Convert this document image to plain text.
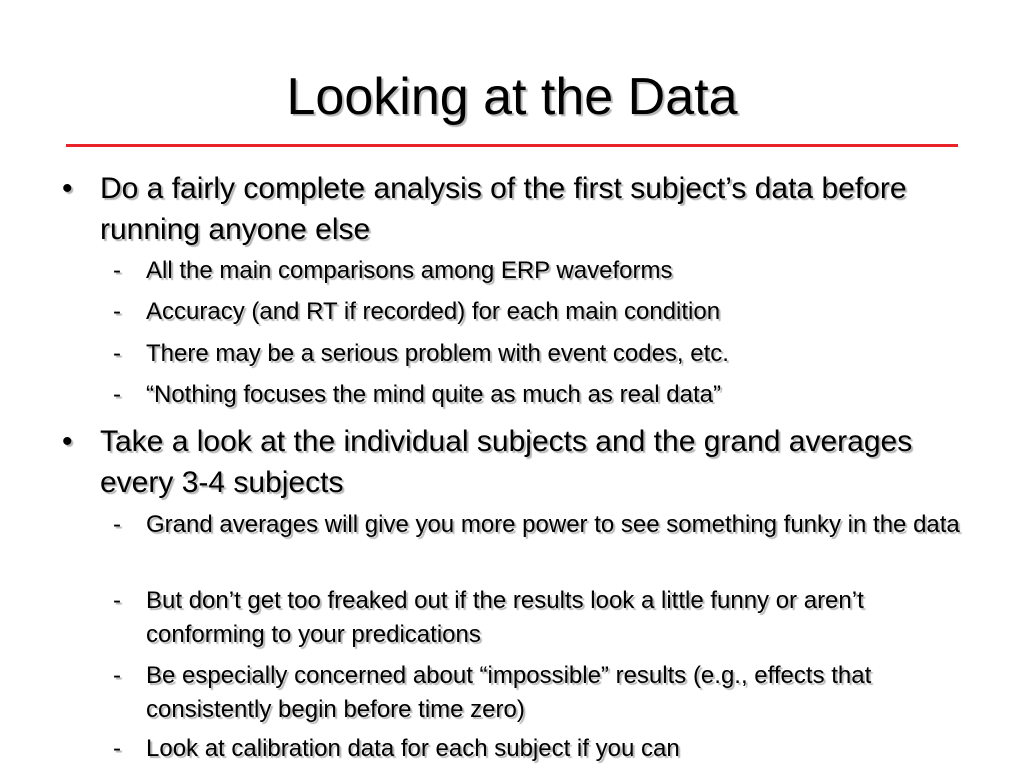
Looking at the Data
• Do a fairly complete analysis of the first subject’s data before running anyone else
- All the main comparisons among ERP waveforms
- Accuracy (and RT if recorded) for each main condition
- There may be a serious problem with event codes, etc.
- “Nothing focuses the mind quite as much as real data”
• Take a look at the individual subjects and the grand averages every 3-4 subjects
- Grand averages will give you more power to see something funky in the data
- But don’t get too freaked out if the results look a little funny or aren’t conforming to your predications
- Be especially concerned about “impossible” results (e.g., effects that consistently begin before time zero)
- Look at calibration data for each subject if you can
